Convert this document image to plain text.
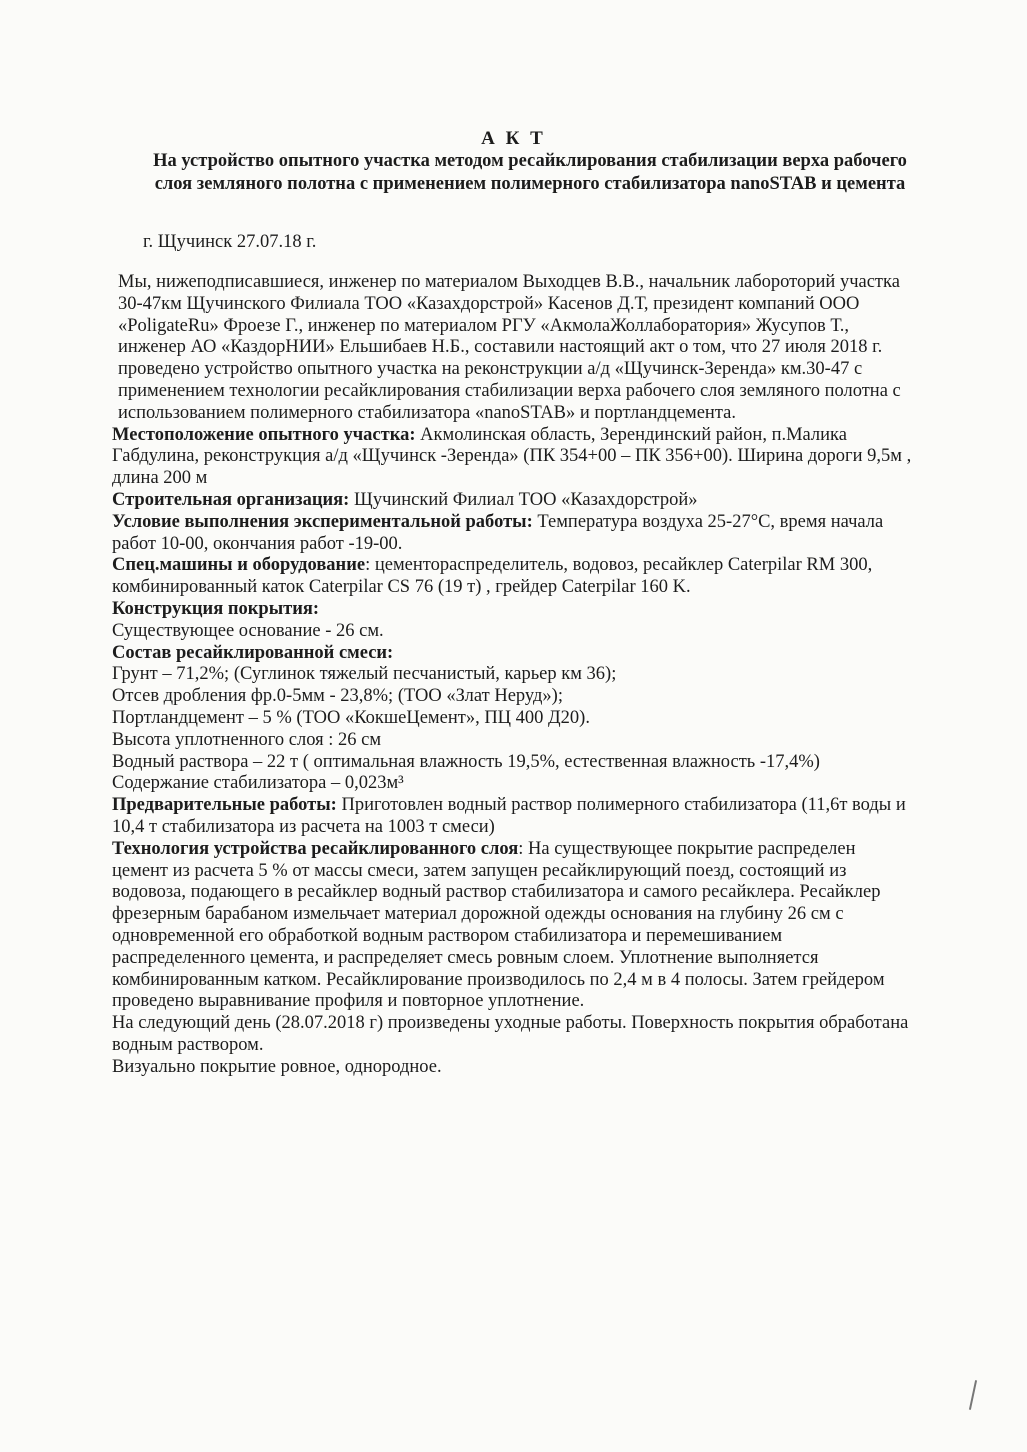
А К Т
На устройство опытного участка методом ресайклирования стабилизации верха рабочего слоя земляного полотна с применением полимерного стабилизатора nanoSTAB и цемента
г. Щучинск 27.07.18 г.

Мы, нижеподписавшиеся, инженер по материалом Выходцев В.В., начальник лабороторий участка 30-47км Щучинского Филиала ТОО «Казахдорстрой» Касенов Д.Т, президент компаний ООО «PoligateRu» Фроезе Г., инженер по материалом РГУ «АкмолаЖоллаборатория» Жусупов Т., инженер АО «КаздорНИИ» Ельшибаев Н.Б., составили настоящий акт о том, что 27 июля 2018 г. проведено устройство опытного участка на реконструкции а/д «Щучинск-Зеренда» км.30-47 с применением технологии ресайклирования стабилизации верха рабочего слоя земляного полотна с использованием полимерного стабилизатора «nanoSTAB» и портландцемента.

Местоположение опытного участка: Акмолинская область, Зерендинский район, п.Малика Габдулина, реконструкция а/д «Щучинск -Зеренда» (ПК 354+00 – ПК 356+00). Ширина дороги 9,5м , длина 200 м

Строительная организация: Щучинский Филиал ТОО «Казахдорстрой»

Условие выполнения экспериментальной работы: Температура воздуха 25-27°С, время начала работ 10-00, окончания работ -19-00.

Спец.машины и оборудование: цементораспределитель, водовоз, ресайклер Caterpilar RM 300, комбинированный каток Caterpilar CS 76 (19 т) , грейдер Caterpilar 160 K.

Конструкция покрытия:

Существующее основание - 26 см.

Состав ресайклированной смеси:

Грунт – 71,2%; (Суглинок тяжелый песчанистый, карьер км 36);

Отсев дробления фр.0-5мм - 23,8%; (ТОО «Злат Неруд»);

Портландцемент – 5 % (ТОО «КокшеЦемент», ПЦ 400 Д20).

Высота уплотненного слоя : 26 см

Водный раствора – 22 т ( оптимальная влажность 19,5%, естественная влажность -17,4%)

Содержание стабилизатора – 0,023м³

Предварительные работы: Приготовлен водный раствор полимерного стабилизатора (11,6т воды и 10,4 т стабилизатора из расчета на 1003 т смеси)

Технология устройства ресайклированного слоя: На существующее покрытие распределен цемент из расчета 5 % от массы смеси, затем запущен ресайклирующий поезд, состоящий из водовоза, подающего в ресайклер водный раствор стабилизатора и самого ресайклера. Ресайклер фрезерным барабаном измельчает материал дорожной одежды основания на глубину 26 см с одновременной его обработкой водным раствором стабилизатора и перемешиванием распределенного цемента, и распределяет смесь ровным слоем. Уплотнение выполняется комбинированным катком. Ресайклирование производилось по 2,4 м в 4 полосы. Затем грейдером проведено выравнивание профиля и повторное уплотнение.

На следующий день (28.07.2018 г) произведены уходные работы. Поверхность покрытия обработана водным раствором.

Визуально покрытие ровное, однородное.
